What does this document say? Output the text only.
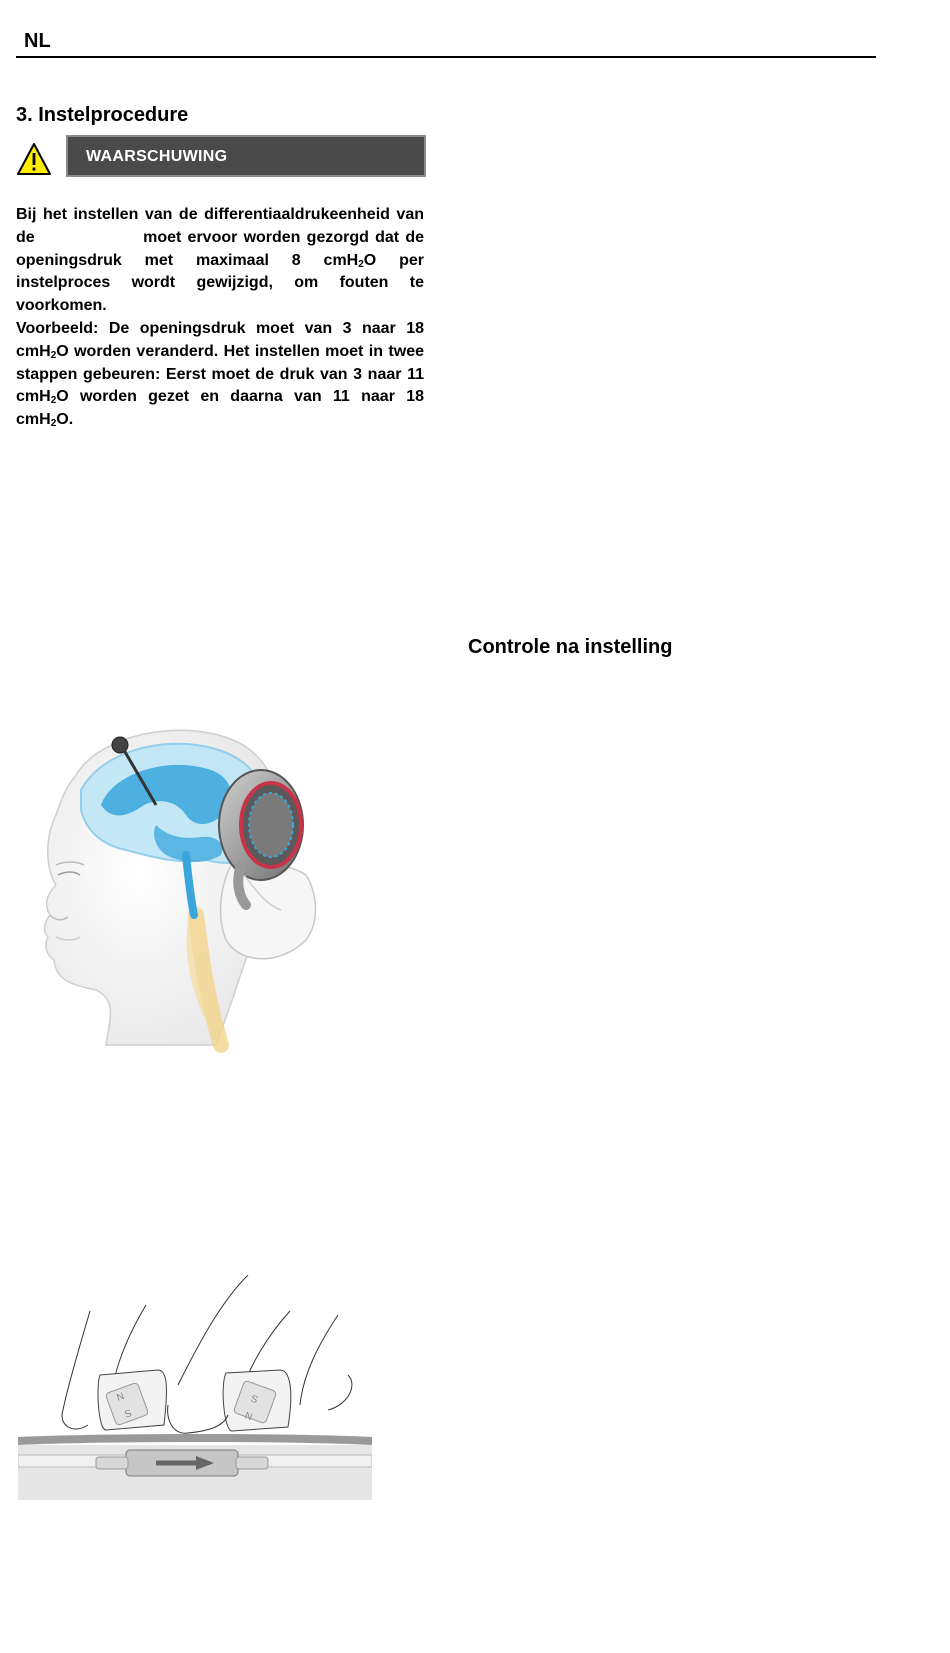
NL
3. Instelprocedure
WAARSCHUWING

Bij het instellen van de differentiaaldrukeenheid van de	moet ervoor worden gezorgd dat de openingsdruk met maximaal 8 cmH$_2$O per instelproces wordt gewijzigd, om fouten te voorkomen.

Voorbeeld: De openingsdruk moet van 3 naar 18 cmH$_2$O worden veranderd. Het instellen moet in twee stappen gebeuren: Eerst moet de druk van 3 naar 11 cmH$_2$O worden gezet en daarna van 11 naar 18 cmH$_2$O.

Controle na instelling
N
S
S
N
